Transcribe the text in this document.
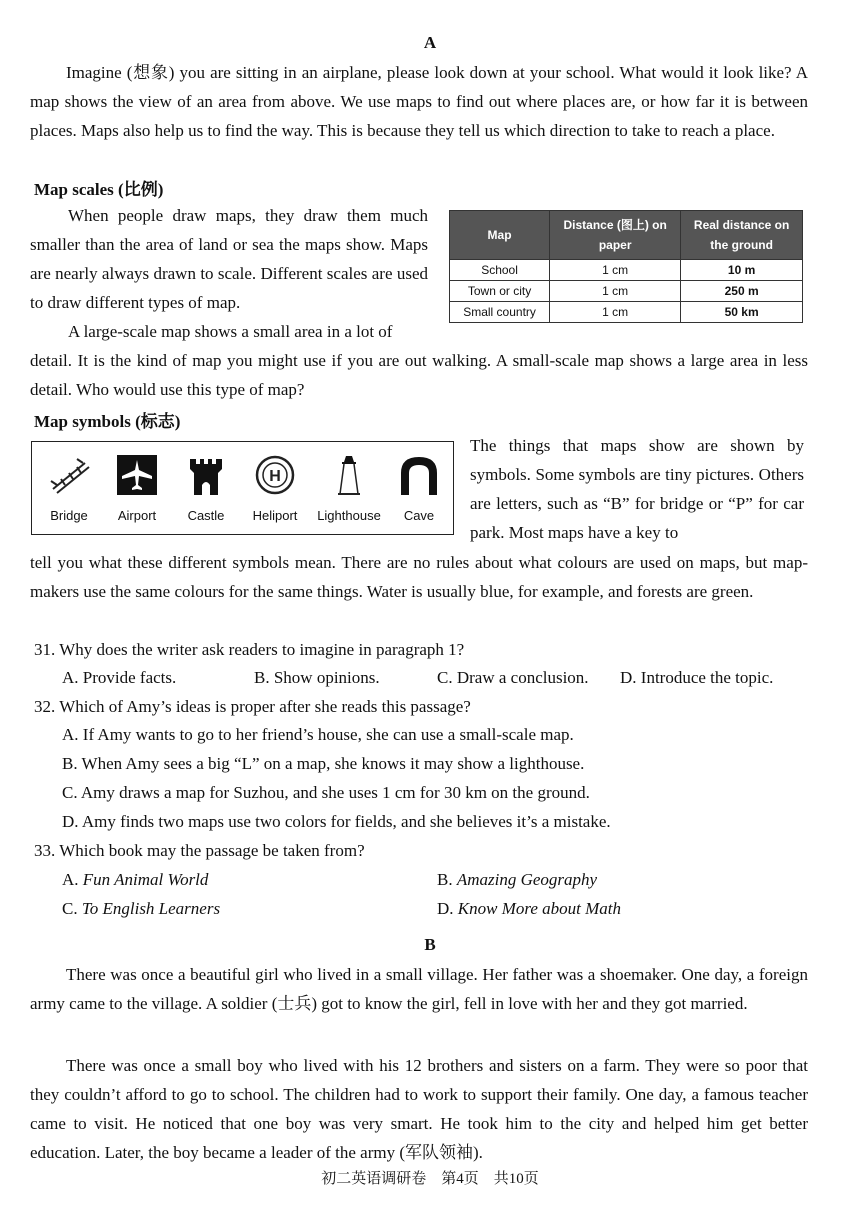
A
Imagine (想象) you are sitting in an airplane, please look down at your school. What would it look like? A map shows the view of an area from above. We use maps to find out where places are, or how far it is between places. Maps also help us to find the way. This is because they tell us which direction to take to reach a place.
Map scales (比例)
When people draw maps, they draw them much smaller than the area of land or sea the maps show. Maps are nearly always drawn to scale. Different scales are used to draw different types of map.
A large-scale map shows a small area in a lot of
Map	Distance (图上) on paper	Real distance on the ground
School	1 cm	10 m
Town or city	1 cm	250 m
Small country	1 cm	50 km
detail. It is the kind of map you might use if you are out walking. A small-scale map shows a large area in less detail. Who would use this type of map?
Map symbols (标志)
Bridge	Airport	Castle
H
Heliport	Lighthouse	Cave
The things that maps show are shown by symbols. Some symbols are tiny pictures. Others are letters, such as “B” for bridge or “P” for car park. Most maps have a key to
tell you what these different symbols mean. There are no rules about what colours are used on maps, but map-makers use the same colours for the same things. Water is usually blue, for example, and forests are green.
31. Why does the writer ask readers to imagine in paragraph 1?
A. Provide facts.	B. Show opinions.	C. Draw a conclusion. D. Introduce the topic.
32. Which of Amy’s ideas is proper after she reads this passage?
A. If Amy wants to go to her friend’s house, she can use a small-scale map.
B. When Amy sees a big “L” on a map, she knows it may show a lighthouse.
C. Amy draws a map for Suzhou, and she uses 1 cm for 30 km on the ground.
D. Amy finds two maps use two colors for fields, and she believes it’s a mistake.
33. Which book may the passage be taken from?
A. Fun Animal World	B. Amazing Geography
C. To English Learners	D. Know More about Math
B
There was once a beautiful girl who lived in a small village. Her father was a shoemaker. One day, a foreign army came to the village. A soldier (士兵) got to know the girl, fell in love with her and they got married.
There was once a small boy who lived with his 12 brothers and sisters on a farm. They were so poor that they couldn’t afford to go to school. The children had to work to support their family. One day, a famous teacher came to visit. He noticed that one boy was very smart. He took him to the city and helped him get better education. Later, the boy became a leader of the army (军队领袖).
初二英语调研卷　第4页　共10页
